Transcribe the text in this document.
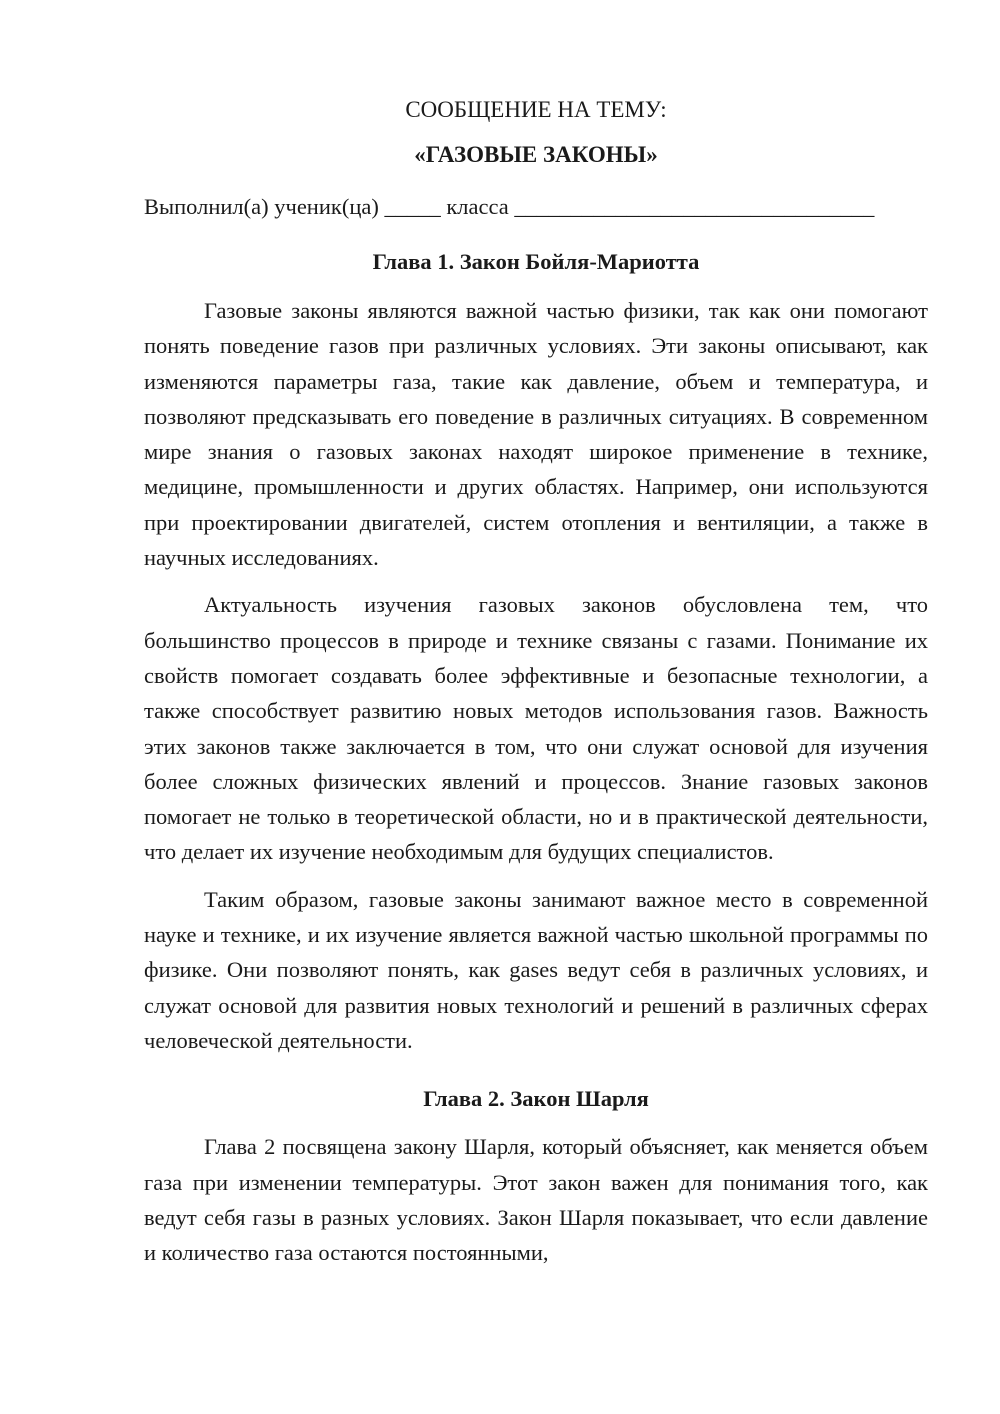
СООБЩЕНИЕ НА ТЕМУ:

«ГАЗОВЫЕ ЗАКОНЫ»

Выполнил(а) ученик(ца) _____ класса ________________________________

Глава 1. Закон Бойля-Мариотта

Газовые законы являются важной частью физики, так как они помогают понять поведение газов при различных условиях. Эти законы описывают, как изменяются параметры газа, такие как давление, объем и температура, и позволяют предсказывать его поведение в различных ситуациях. В современном мире знания о газовых законах находят широкое применение в технике, медицине, промышленности и других областях. Например, они используются при проектировании двигателей, систем отопления и вентиляции, а также в научных исследованиях.

Актуальность изучения газовых законов обусловлена тем, что большинство процессов в природе и технике связаны с газами. Понимание их свойств помогает создавать более эффективные и безопасные технологии, а также способствует развитию новых методов использования газов. Важность этих законов также заключается в том, что они служат основой для изучения более сложных физических явлений и процессов. Знание газовых законов помогает не только в теоретической области, но и в практической деятельности, что делает их изучение необходимым для будущих специалистов.

Таким образом, газовые законы занимают важное место в современной науке и технике, и их изучение является важной частью школьной программы по физике. Они позволяют понять, как gases ведут себя в различных условиях, и служат основой для развития новых технологий и решений в различных сферах человеческой деятельности.

Глава 2. Закон Шарля

Глава 2 посвящена закону Шарля, который объясняет, как меняется объем газа при изменении температуры. Этот закон важен для понимания того, как ведут себя газы в разных условиях. Закон Шарля показывает, что если давление и количество газа остаются постоянными,
